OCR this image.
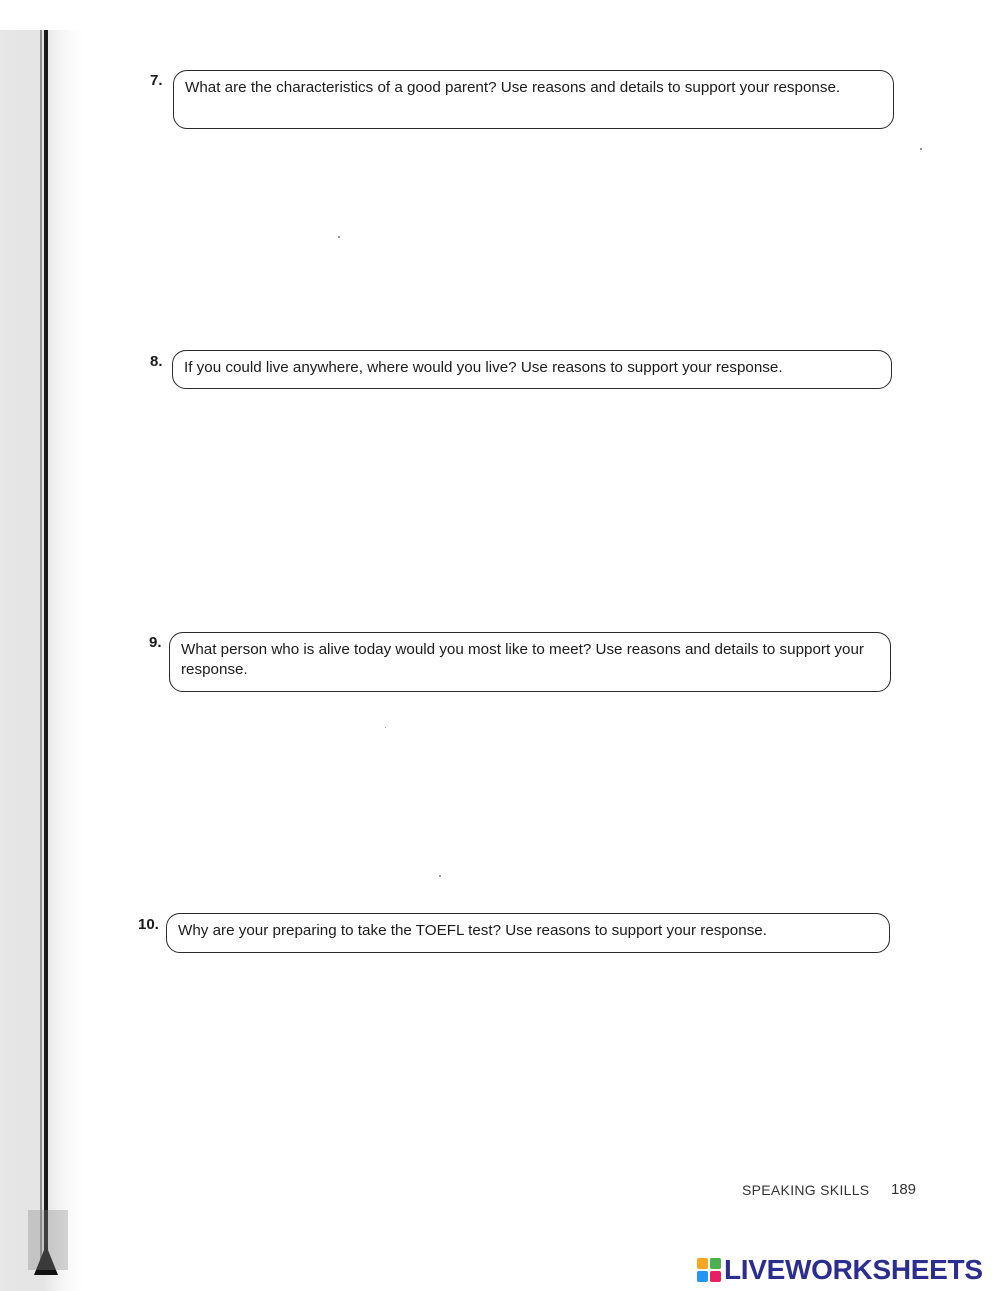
7. What are the characteristics of a good parent? Use reasons and details to support your response.
8. If you could live anywhere, where would you live? Use reasons to support your response.
9. What person who is alive today would you most like to meet? Use reasons and details to support your response.
10. Why are your preparing to take the TOEFL test? Use reasons to support your response.
SPEAKING SKILLS 189
LIVEWORKSHEETS
